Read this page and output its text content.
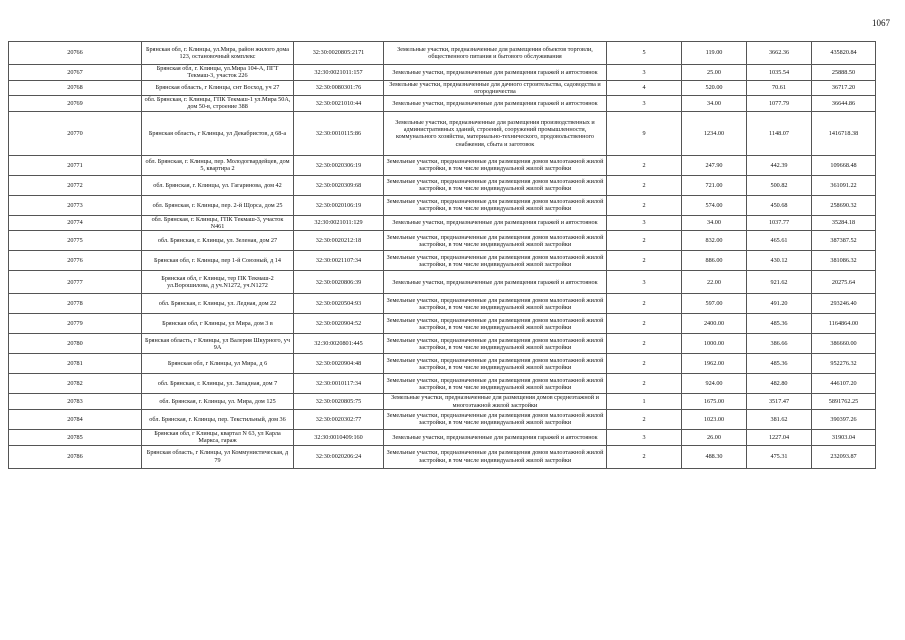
1067
20766	Брянская обл, г. Клинцы, ул.Мира, район жилого дома 123, остановочный комплекс	32:30:0020805:2171	Земельные участки, предназначенные для размещения объектов торговли, общественного питания и бытового обслуживания	5	119.00	3662.36	435820.84
20767	Брянская обл, г. Клинцы, ул.Мира 104-А, ПГТ Текмаш-3, участок 226	32:30:0021011:157	Земельные участки, предназначенные для размещения гаражей и автостоянок	3	25.00	1035.54	25888.50
20768	Брянская область, г Клинцы, снт Восход, уч 27	32:30:0080301:76	Земельные участки, предназначенные для дачного строительства, садоводства и огородничества	4	520.00	70.61	36717.20
20769	обл. Брянская, г. Клинцы, ГПК Текмаш-1 ул.Мира 50А, дом 50-в, строение 388	32:30:0021010:44	Земельные участки, предназначенные для размещения гаражей и автостоянок	3	34.00	1077.79	36644.86
20770	Брянская область, г Клинцы, ул Декабристов, д 68-а	32:30:0010115:86	Земельные участки, предназначенные для размещения производственных и административных зданий, строений, сооружений промышленности, коммунального хозяйства, материально-технического, продовольственного снабжения, сбыта и заготовок	9	1234.00	1148.07	1416718.38
20771	обл. Брянская, г. Клинцы, пер. Молодогвардейцев, дом 5, квартира 2	32:30:0020306:19	Земельные участки, предназначенные для размещения домов малоэтажной жилой застройки, в том числе индивидуальной жилой застройки	2	247.90	442.39	109668.48
20772	обл. Брянская, г. Клинцы, ул. Гагаринова, дом 42	32:30:0020309:68	Земельные участки, предназначенные для размещения домов малоэтажной жилой застройки, в том числе индивидуальной жилой застройки	2	721.00	500.82	361091.22
20773	обл. Брянская, г. Клинцы, пер. 2-й Щорса, дом 25	32:30:0020106:19	Земельные участки, предназначенные для размещения домов малоэтажной жилой застройки, в том числе индивидуальной жилой застройки	2	574.00	450.68	258690.32
20774	обл. Брянская, г. Клинцы, ГПК Текмаш-3, участок N461	32:30:0021011:129	Земельные участки, предназначенные для размещения гаражей и автостоянок	3	34.00	1037.77	35284.18
20775	обл. Брянская, г. Клинцы, ул. Зеленая, дом 27	32:30:0020212:18	Земельные участки, предназначенные для размещения домов малоэтажной жилой застройки, в том числе индивидуальной жилой застройки	2	832.00	465.61	387387.52
20776	Брянская обл, г. Клинцы, пер 1-й Союзный, д 14	32:30:0021107:34	Земельные участки, предназначенные для размещения домов малоэтажной жилой застройки, в том числе индивидуальной жилой застройки	2	886.00	430.12	381086.32
20777	Брянская обл, г Клинцы, тер ПК Текмаш-2 ул.Ворошилова, д уч.N1272, уч.N1272	32:30:0020806:39	Земельные участки, предназначенные для размещения гаражей и автостоянок	3	22.00	921.62	20275.64
20778	обл. Брянская, г. Клинцы, ул. Ледная, дом 22	32:30:0020504:93	Земельные участки, предназначенные для размещения домов малоэтажной жилой застройки, в том числе индивидуальной жилой застройки	2	597.00	491.20	293246.40
20779	Брянская обл, г Клинцы, ул Мира, дом 3 в	32:30:0020904:52	Земельные участки, предназначенные для размещения домов малоэтажной жилой застройки, в том числе индивидуальной жилой застройки	2	2400.00	485.36	1164864.00
20780	Брянская область, г Клинцы, ул Валерия Шкурного, уч 9А	32:30:0020801:445	Земельные участки, предназначенные для размещения домов малоэтажной жилой застройки, в том числе индивидуальной жилой застройки	2	1000.00	386.66	386660.00
20781	Брянская обл, г Клинцы, ул Мира, д 6	32:30:0020904:48	Земельные участки, предназначенные для размещения домов малоэтажной жилой застройки, в том числе индивидуальной жилой застройки	2	1962.00	485.36	952276.32
20782	обл. Брянская, г. Клинцы, ул. Западная, дом 7	32:30:0010117:34	Земельные участки, предназначенные для размещения домов малоэтажной жилой застройки, в том числе индивидуальной жилой застройки	2	924.00	482.80	446107.20
20783	обл. Брянская, г. Клинцы, ул. Мира, дом 125	32:30:0020805:75	Земельные участки, предназначенные для размещения домов среднеэтажной и многоэтажной жилой застройки	1	1675.00	3517.47	5891762.25
20784	обл. Брянская, г. Клинцы, пер. Текстильный, дом 36	32:30:0020302:77	Земельные участки, предназначенные для размещения домов малоэтажной жилой застройки, в том числе индивидуальной жилой застройки	2	1023.00	381.62	390397.26
20785	Брянская обл, г Клинцы, квартал N 63, ул Карла Маркса, гараж	32:30:0010409:160	Земельные участки, предназначенные для размещения гаражей и автостоянок	3	26.00	1227.04	31903.04
20786	Брянская область, г Клинцы, ул Коммунистическая, д 79	32:30:0020206:24	Земельные участки, предназначенные для размещения домов малоэтажной жилой застройки, в том числе индивидуальной жилой застройки	2	488.30	475.31	232093.87
